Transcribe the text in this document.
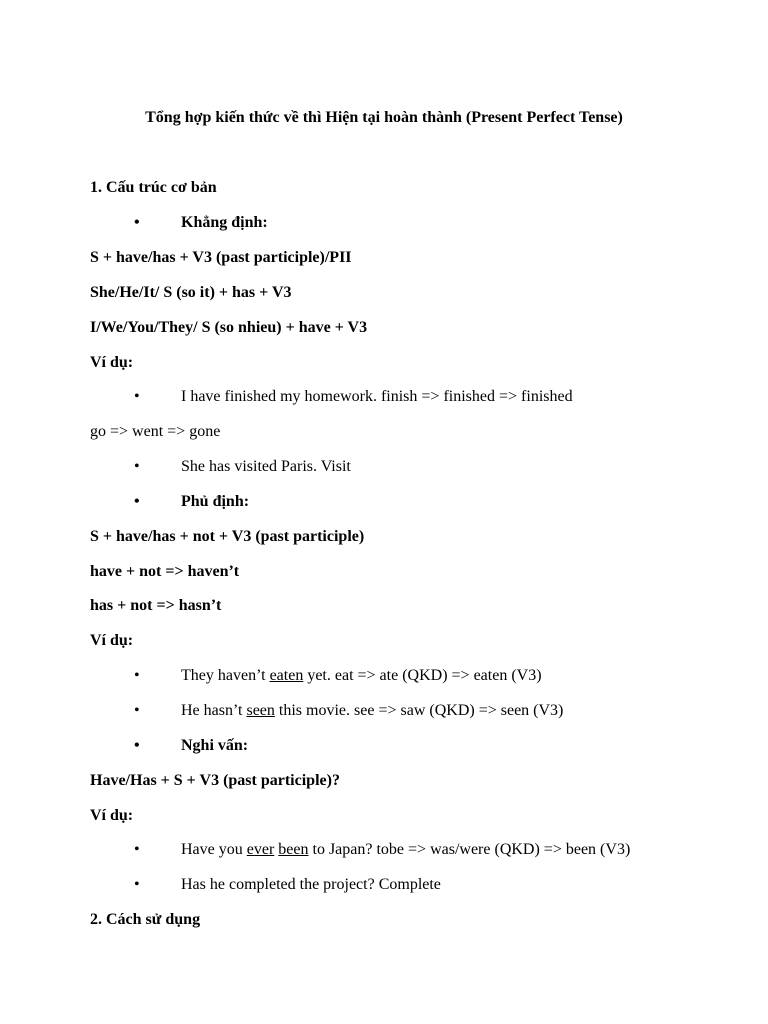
Tổng hợp kiến thức về thì Hiện tại hoàn thành (Present Perfect Tense)
1. Cấu trúc cơ bản
•	Khẳng định:
S + have/has + V3 (past participle)/PII
She/He/It/ S (so it) + has + V3
I/We/You/They/ S (so nhieu) + have + V3
Ví dụ:
•	I have finished my homework. finish => finished => finished
go => went => gone
•	She has visited Paris. Visit
•	Phủ định:
S + have/has + not + V3 (past participle)
have + not => haven’t
has + not => hasn’t
Ví dụ:
•	They haven’t eaten yet. eat => ate (QKD) => eaten (V3)
•	He hasn’t seen this movie. see => saw (QKD) => seen (V3)
•	Nghi vấn:
Have/Has + S + V3 (past participle)?
Ví dụ:
•	Have you ever been to Japan? tobe => was/were (QKD) => been (V3)
•	Has he completed the project? Complete
2. Cách sử dụng
